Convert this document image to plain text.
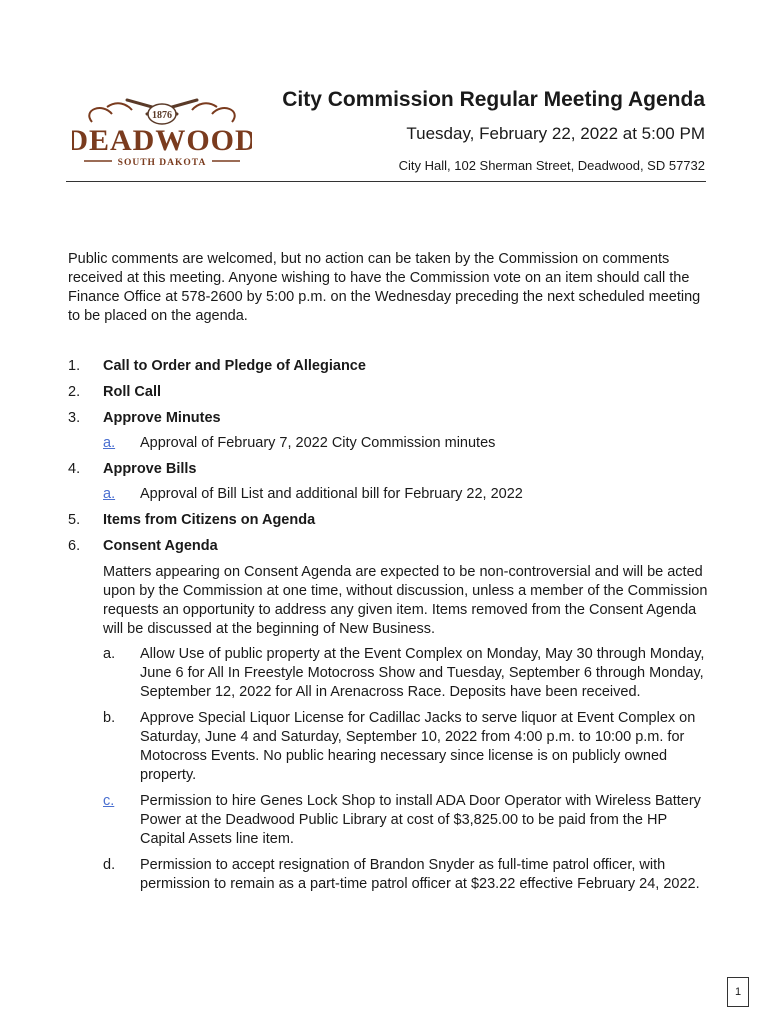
1876
DEADWOOD
SOUTH DAKOTA
City Commission Regular Meeting Agenda
Tuesday, February 22, 2022 at 5:00 PM
City Hall, 102 Sherman Street, Deadwood, SD 57732
Public comments are welcomed, but no action can be taken by the Commission on comments received at this meeting. Anyone wishing to have the Commission vote on an item should call the Finance Office at 578-2600 by 5:00 p.m. on the Wednesday preceding the next scheduled meeting to be placed on the agenda.
1. Call to Order and Pledge of Allegiance
2. Roll Call
3. Approve Minutes
a. Approval of February 7, 2022 City Commission minutes
4. Approve Bills
a. Approval of Bill List and additional bill for February 22, 2022
5. Items from Citizens on Agenda
6. Consent Agenda
Matters appearing on Consent Agenda are expected to be non-controversial and will be acted upon by the Commission at one time, without discussion, unless a member of the Commission requests an opportunity to address any given item. Items removed from the Consent Agenda will be discussed at the beginning of New Business.
a. Allow Use of public property at the Event Complex on Monday, May 30 through Monday, June 6 for All In Freestyle Motocross Show and Tuesday, September 6 through Monday, September 12, 2022 for All in Arenacross Race. Deposits have been received.
b. Approve Special Liquor License for Cadillac Jacks to serve liquor at Event Complex on Saturday, June 4 and Saturday, September 10, 2022 from 4:00 p.m. to 10:00 p.m. for Motocross Events. No public hearing necessary since license is on publicly owned property.
c. Permission to hire Genes Lock Shop to install ADA Door Operator with Wireless Battery Power at the Deadwood Public Library at cost of $3,825.00 to be paid from the HP Capital Assets line item.
d. Permission to accept resignation of Brandon Snyder as full-time patrol officer, with permission to remain as a part-time patrol officer at $23.22 effective February 24, 2022.
1
